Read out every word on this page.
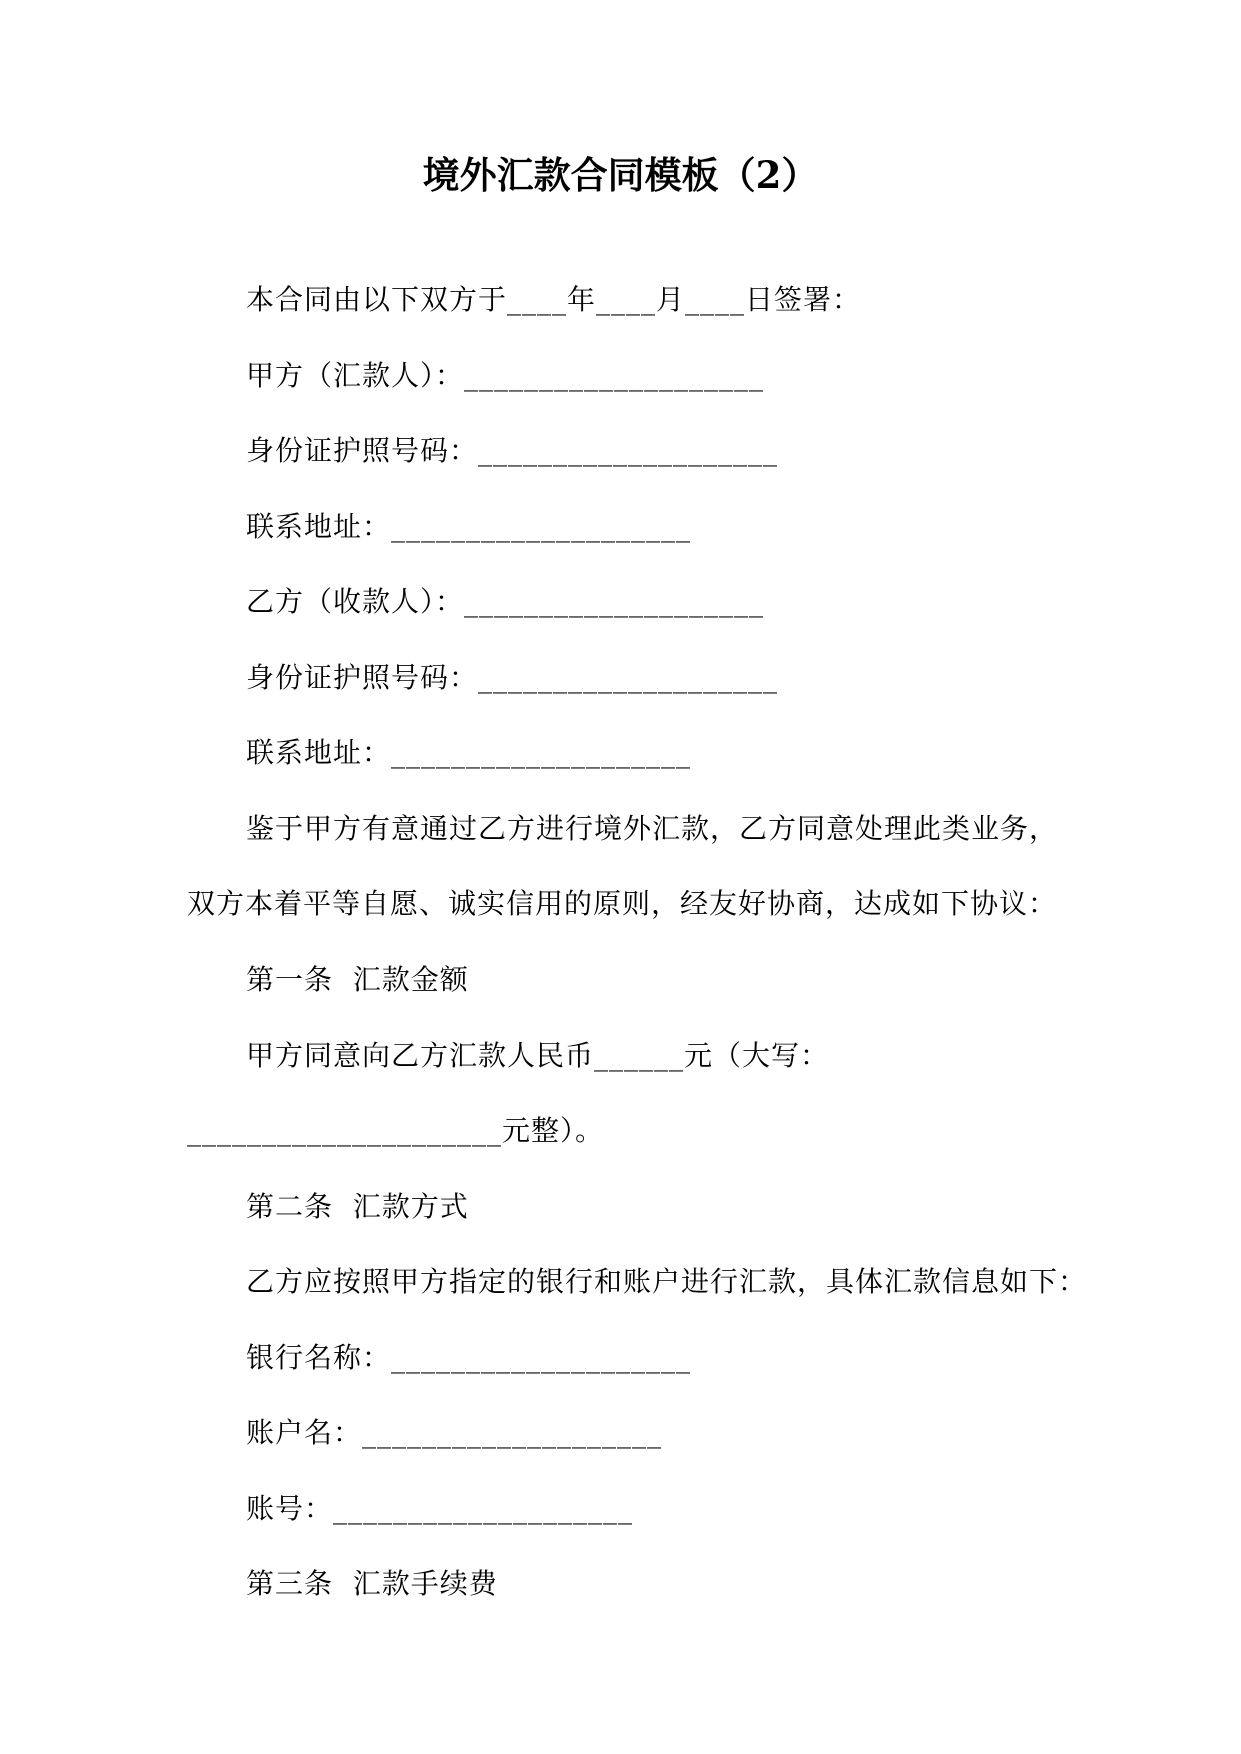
境外汇款合同模板（2）
本合同由以下双方于____年____月____日签署：
甲方（汇款人）：____________________
身份证护照号码：____________________
联系地址：____________________
乙方（收款人）：____________________
身份证护照号码：____________________
联系地址：____________________
鉴于甲方有意通过乙方进行境外汇款，乙方同意处理此类业务，
双方本着平等自愿、诚实信用的原则，经友好协商，达成如下协议：
第一条  汇款金额
甲方同意向乙方汇款人民币______元（大写：
_____________________元整）。
第二条  汇款方式
乙方应按照甲方指定的银行和账户进行汇款，具体汇款信息如下：
银行名称：____________________
账户名：____________________
账号：____________________
第三条  汇款手续费
